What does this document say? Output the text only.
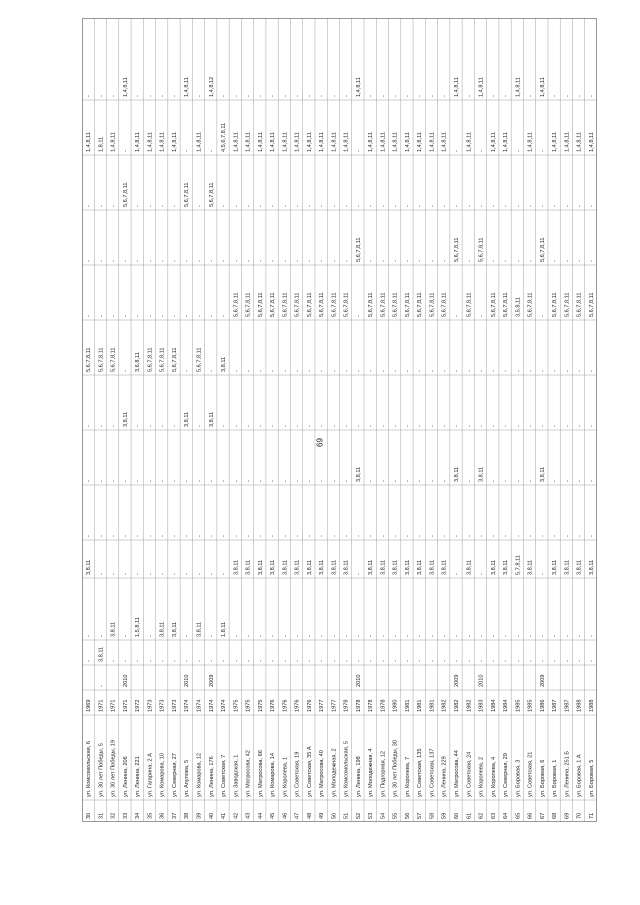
69
30
ул. Комсомольская, 6
1969
-
-
3,8,11
-
-
-
5,6,7,8,11
-
-
-
1,4,8,11
-
31
ул. 30 лет Победы, 5
1971
-
3,8,11
-
-
-
-
-
5,6,7,8,11
-
-
-
1,8,11
-
32
ул. 30 лет Победы, 19
1971
-
3,8,11
-
-
-
-
5,6,7,8,11
-
-
-
1,4,8,11
-
33
ул. Ленина, 206
1971
2010
-
-
-
-
-
3,8,11
-
-
-
5,6,7,8,11
-
1,4,8,11
34
ул. Ленина, 221
1972
-
1,5,8,11
-
-
-
-
3,6,8,11
-
-
-
1,4,8,11
-
35
ул. Гагарина, 2 А
1973
-
-
-
-
-
-
5,6,7,8,11
-
-
-
1,4,8,11
-
36
ул. Комарова, 10
1973
-
3,8,11
-
-
-
-
5,6,7,8,11
-
-
-
1,4,8,11
-
37
ул. Северная, 27
1973
-
3,8,11
-
-
-
-
5,6,7,8,11
-
-
-
1,4,8,11
-
38
ул. Апулова, 5
1974
2010
-
-
-
-
-
3,8,11
-
-
-
5,6,7,8,11
-
1,4,8,11
39
ул. Комарова, 12
1974
-
3,8,11
-
-
-
-
5,6,7,8,11
-
-
-
1,4,8,11
-
40
ул. Ленина, 176
1974
2009
-
-
-
-
-
3,8,11
-
-
-
5,6,7,8,11
-
1,4,8,12
41
ул. Советская, 7
1974
-
1,8,11
-
-
-
-
3,8,11
-
-
-
4,5,6,7,8,11
-
42
ул. Заводская, 1
1975
-
-
3,8,11
-
-
-
-
5,6,7,8,11
-
-
1,4,8,11
-
43
ул. Матросова, 42
1975
-
-
3,8,11
-
-
-
-
5,6,7,8,11
-
-
1,4,8,11
-
44
ул. Матросова, 66
1975
-
-
3,8,11
-
-
-
-
5,6,7,8,11
-
-
1,4,8,11
-
45
ул. Комарова, 14
1976
-
-
3,8,11
-
-
-
-
5,6,7,8,11
-
-
1,4,8,11
-
46
ул. Королева, 1
1976
-
-
3,8,11
-
-
-
-
5,6,7,8,11
-
-
1,4,8,11
-
47
ул. Советская, 19
1976
-
-
3,8,11
-
-
-
-
5,6,7,8,11
-
-
1,4,8,11
-
48
ул. Советская, 35 А
1976
-
-
3,8,11
-
-
-
-
5,6,7,8,11
-
-
1,4,8,11
-
49
ул. Матросова, 40
1977
-
-
3,8,11
-
-
-
-
5,6,7,8,11
-
-
1,4,8,11
-
50
ул. Молодежная, 2
1977
-
-
3,8,11
-
-
-
-
5,6,7,8,11
-
-
1,4,8,11
-
51
ул. Комсомольская, 5
1978
-
-
3,8,11
-
-
-
-
5,6,7,8,11
-
-
1,4,8,11
-
52
ул. Ленина, 198
1978
2010
-
-
-
-
3,8,11
-
-
-
5,6,7,8,11
-
-
1,4,8,11
53
ул. Молодежная, 4
1978
-
-
3,8,11
-
-
-
-
5,6,7,8,11
-
-
1,4,8,11
-
54
ул. Подгорная, 12
1978
-
-
3,8,11
-
-
-
-
5,6,7,8,11
-
-
1,4,8,11
-
55
ул. 30 лет Победы, 30
1980
-
-
3,8,11
-
-
-
-
5,6,7,8,11
-
-
1,4,8,11
-
56
ул. Королева, 7
1981
-
-
3,8,11
-
-
-
-
5,6,7,8,11
-
-
1,4,8,11
-
57
ул. Советская, 135
1981
-
-
3,8,11
-
-
-
-
5,6,7,8,11
-
-
1,4,8,11
-
58
ул. Советская, 137
1981
-
-
3,8,11
-
-
-
-
5,6,7,8,11
-
-
1,4,8,11
-
59
ул. Ленина, 229
1982
-
-
3,8,11
-
-
-
-
5,6,7,8,11
-
-
1,4,8,11
-
60
ул. Матросова, 44
1982
2009
-
-
-
-
3,8,11
-
-
-
5,6,7,8,11
-
-
1,4,8,11
61
ул. Советская, 24
1982
-
-
3,8,11
-
-
-
-
5,6,7,8,11
-
-
1,4,8,11
-
62
ул. Королева, 2
1983
2010
-
-
-
-
3,8,11
-
-
-
5,6,7,8,11
-
-
1,4,8,11
63
ул. Королева, 4
1984
-
-
3,8,11
-
-
-
-
5,6,7,8,11
-
-
1,4,8,11
-
64
ул. Северная, 29
1984
-
-
3,8,11
-
-
-
-
5,6,7,8,11
-
-
1,4,8,11
-
65
ул. Боровая, 3
1985
-
-
5,7,8,11
-
-
-
-
3,5,8,11
-
-
-
1,4,8,11
66
ул. Советская, 21
1985
-
-
3,8,11
-
-
-
-
5,6,7,8,11
-
-
1,4,8,11
-
67
ул. Боровая, 6
1986
2009
-
-
-
-
3,8,11
-
-
-
5,6,7,8,11
-
-
1,4,8,11
68
ул. Боровая, 1
1987
-
-
3,8,11
-
-
-
-
5,6,7,8,11
-
-
1,4,8,11
-
69
ул. Ленина, 251 Б
1987
-
-
3,8,11
-
-
-
-
5,6,7,8,11
-
-
1,4,8,11
-
70
ул. Боровая, 1 А
1988
-
-
3,8,11
-
-
-
-
5,6,7,8,11
-
-
1,4,8,11
-
71
ул. Боровая, 5
1988
-
-
3,8,11
-
-
-
-
5,6,7,8,11
-
-
1,4,8,11
-
